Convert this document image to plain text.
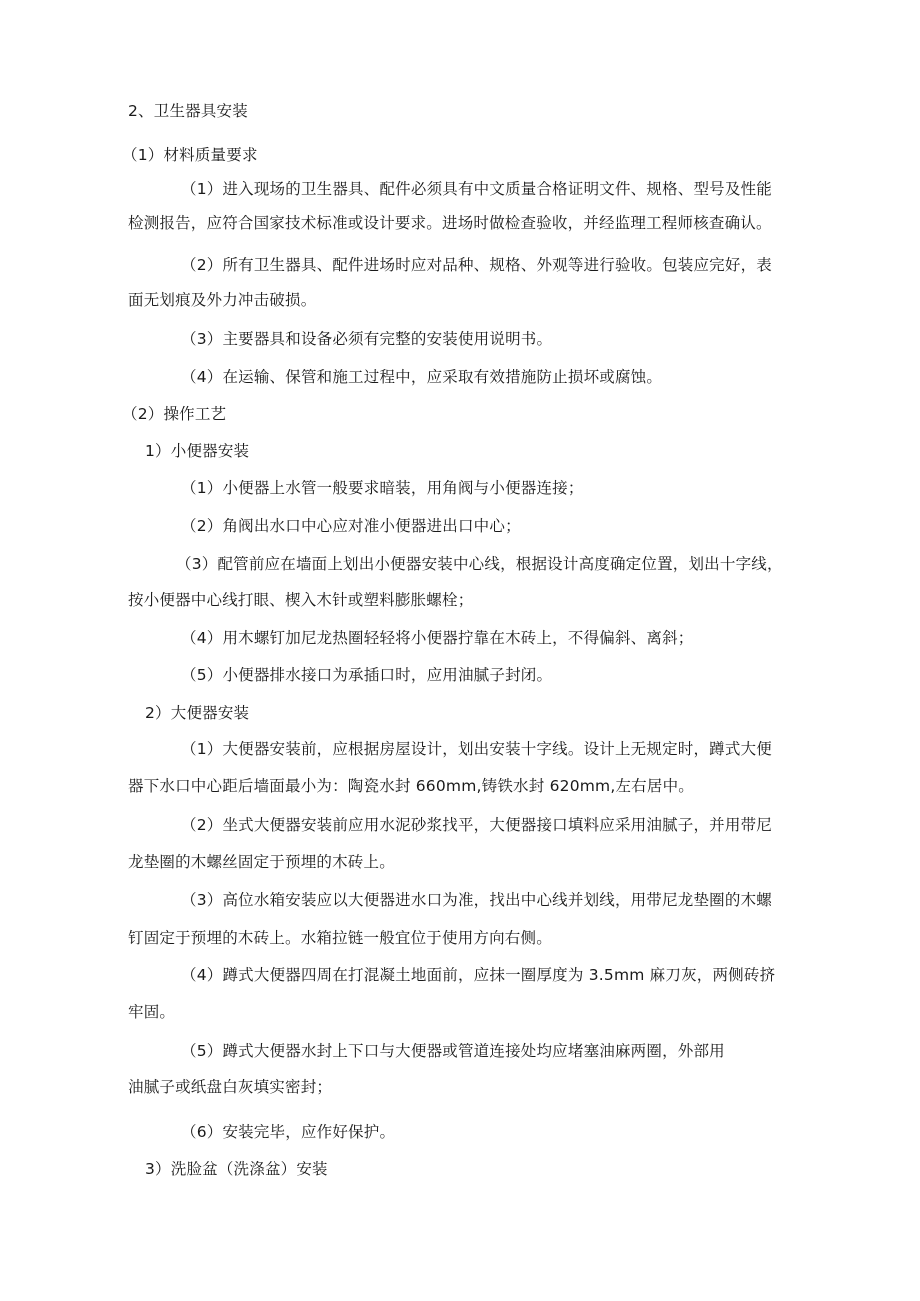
2、卫生器具安装
（1）材料质量要求
（1）进入现场的卫生器具、配件必须具有中文质量合格证明文件、规格、型号及性能
检测报告，应符合国家技术标准或设计要求。进场时做检查验收，并经监理工程师核查确认。
（2）所有卫生器具、配件进场时应对品种、规格、外观等进行验收。包装应完好，表
面无划痕及外力冲击破损。
（3）主要器具和设备必须有完整的安装使用说明书。
（4）在运输、保管和施工过程中，应采取有效措施防止损坏或腐蚀。
（2）操作工艺
1）小便器安装
（1）小便器上水管一般要求暗装，用角阀与小便器连接；
（2）角阀出水口中心应对准小便器进出口中心；
（3）配管前应在墙面上划出小便器安装中心线，根据设计高度确定位置，划出十字线，
按小便器中心线打眼、楔入木针或塑料膨胀螺栓；
（4）用木螺钉加尼龙热圈轻轻将小便器拧靠在木砖上，不得偏斜、离斜；
（5）小便器排水接口为承插口时，应用油腻子封闭。
2）大便器安装
（1）大便器安装前，应根据房屋设计，划出安装十字线。设计上无规定时，蹲式大便
器下水口中心距后墙面最小为：陶瓷水封 660mm,铸铁水封 620mm,左右居中。
（2）坐式大便器安装前应用水泥砂浆找平，大便器接口填料应采用油腻子，并用带尼
龙垫圈的木螺丝固定于预埋的木砖上。
（3）高位水箱安装应以大便器进水口为准，找出中心线并划线，用带尼龙垫圈的木螺
钉固定于预埋的木砖上。水箱拉链一般宜位于使用方向右侧。
（4）蹲式大便器四周在打混凝土地面前，应抹一圈厚度为 3.5mm 麻刀灰，两侧砖挤
牢固。
（5）蹲式大便器水封上下口与大便器或管道连接处均应堵塞油麻两圈，外部用
油腻子或纸盘白灰填实密封；
（6）安装完毕，应作好保护。
3）洗脸盆（洗涤盆）安装
